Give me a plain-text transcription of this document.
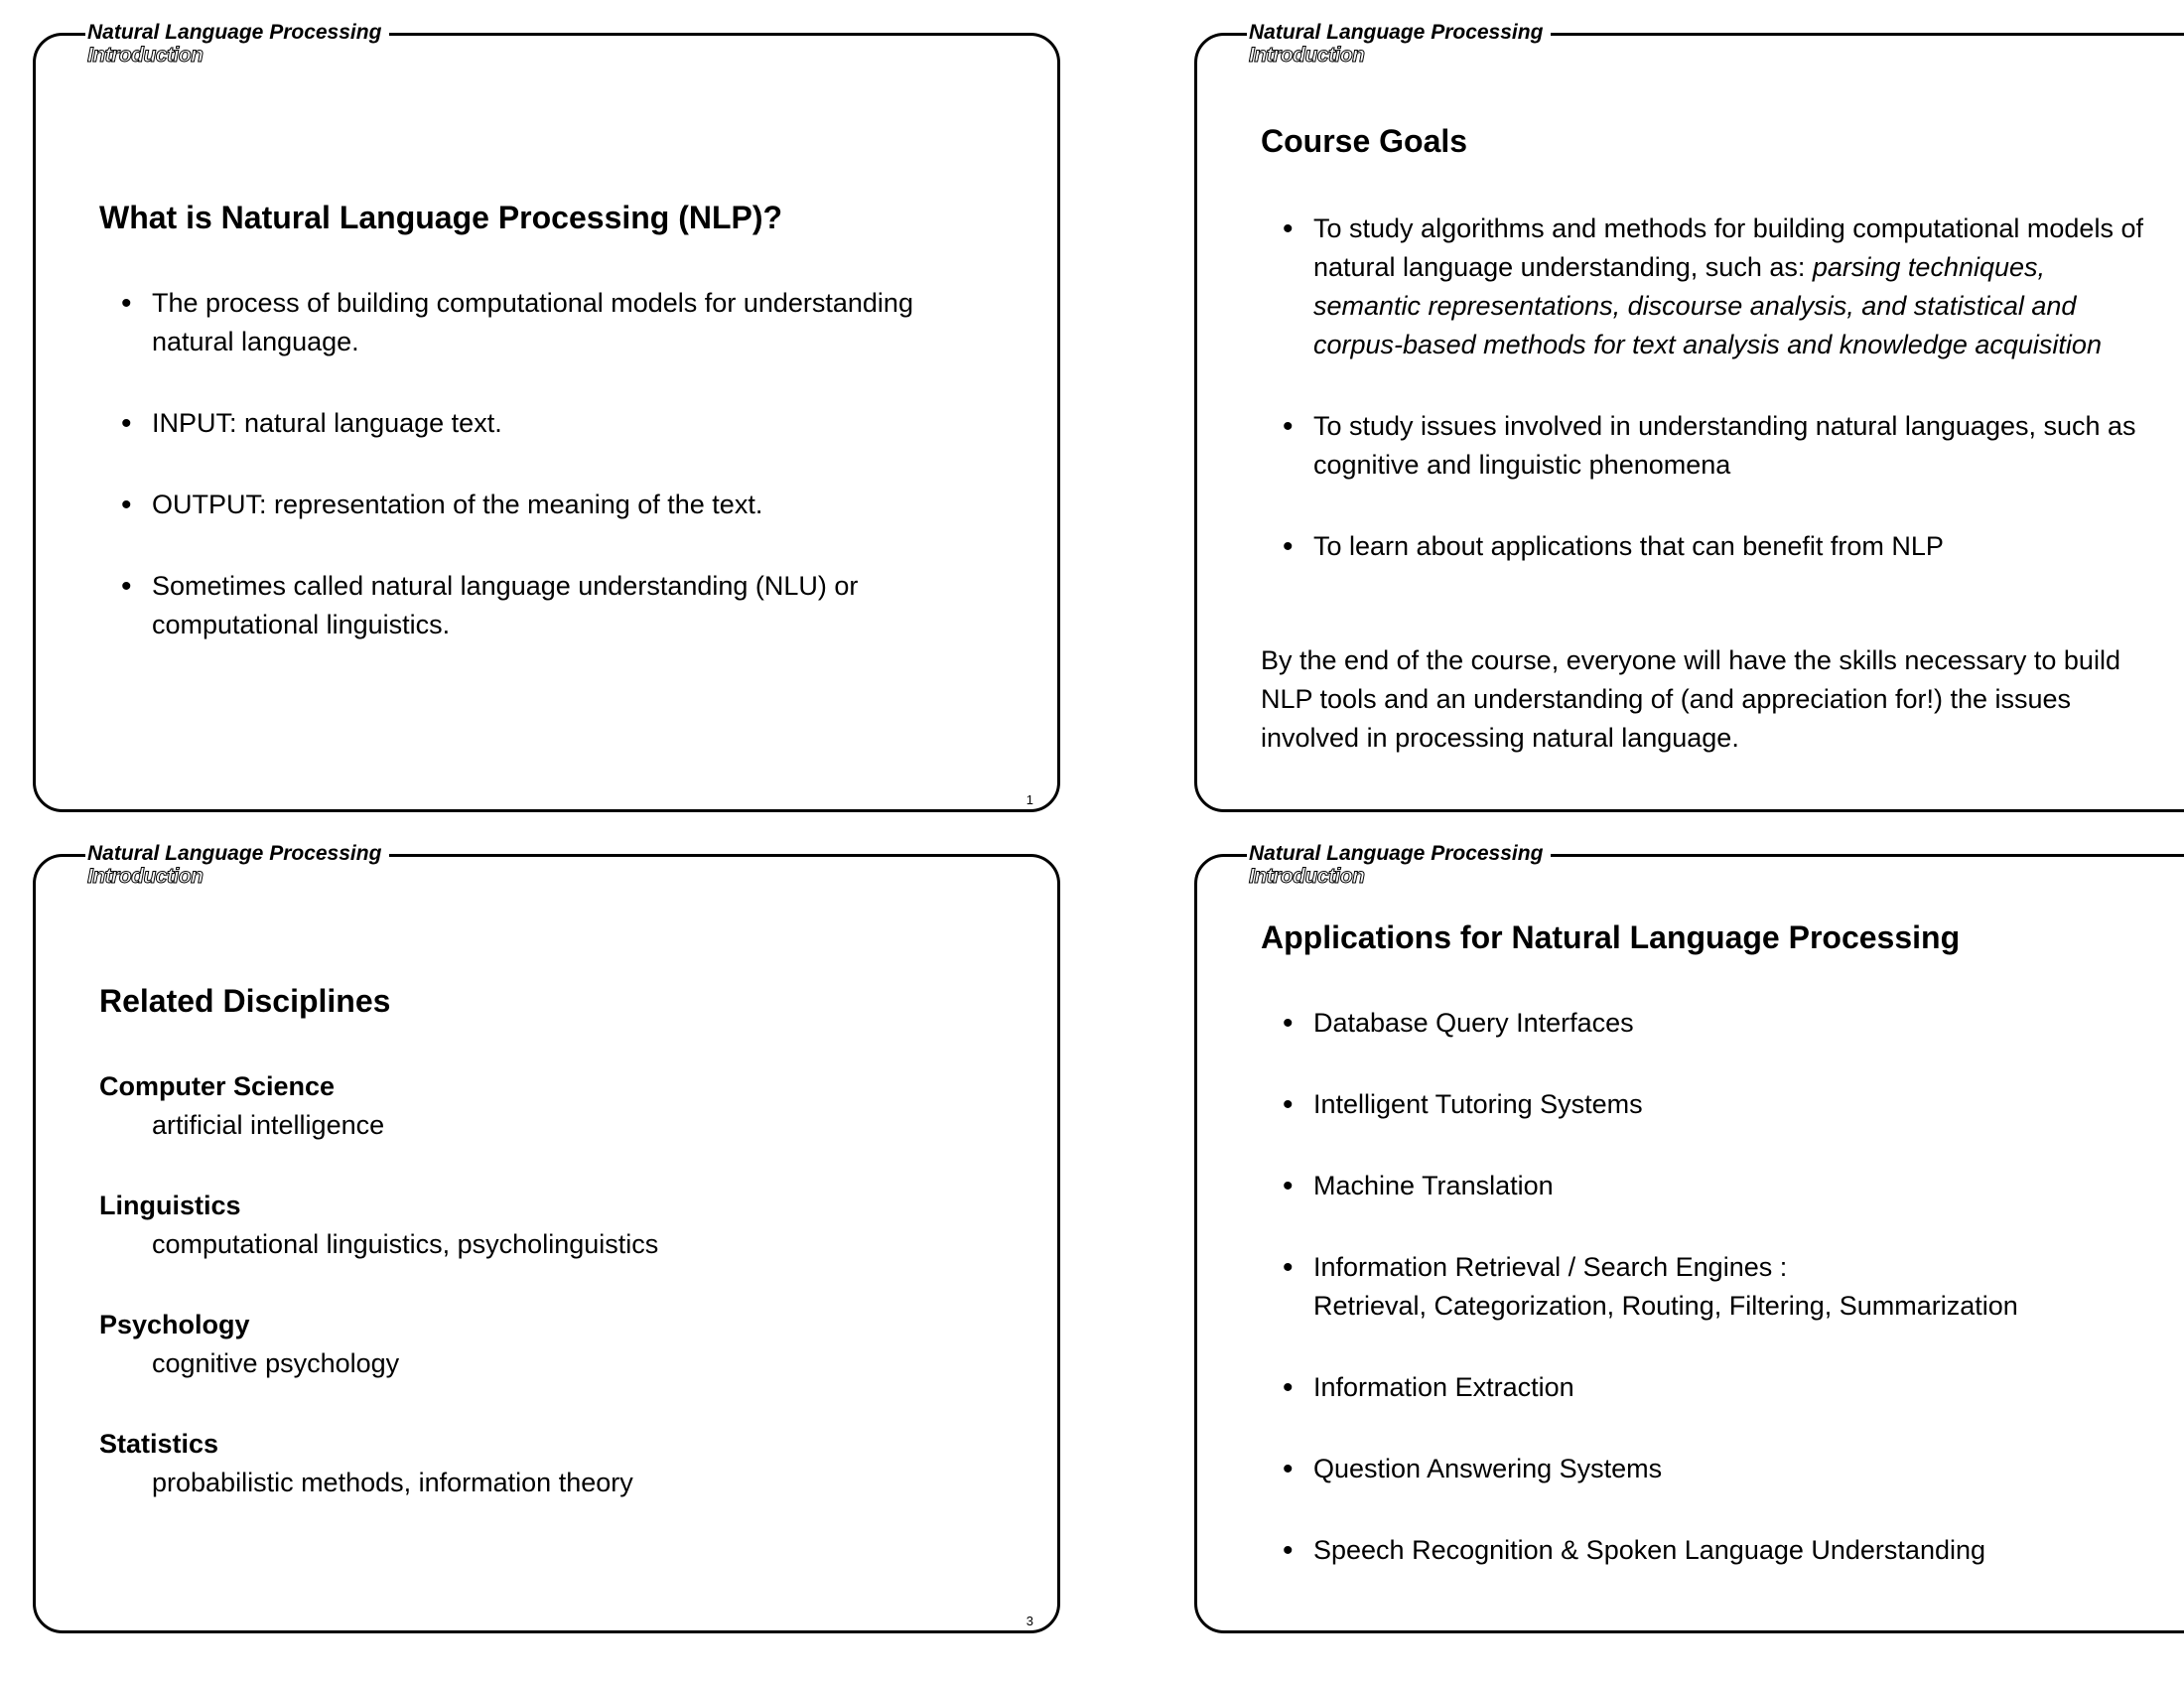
Natural Language Processing
Introduction
What is Natural Language Processing (NLP)?
• The process of building computational models for understanding natural language.
• INPUT: natural language text.
• OUTPUT: representation of the meaning of the text.
• Sometimes called natural language understanding (NLU) or computational linguistics.
1
Natural Language Processing
Introduction
Course Goals
• To study algorithms and methods for building computational models of natural language understanding, such as: parsing techniques, semantic representations, discourse analysis, and statistical and corpus-based methods for text analysis and knowledge acquisition
• To study issues involved in understanding natural languages, such as cognitive and linguistic phenomena
• To learn about applications that can benefit from NLP

By the end of the course, everyone will have the skills necessary to build NLP tools and an understanding of (and appreciation for!) the issues involved in processing natural language.

Natural Language Processing
Introduction
Related Disciplines
Computer Science
artificial intelligence
Linguistics
computational linguistics, psycholinguistics
Psychology
cognitive psychology
Statistics
probabilistic methods, information theory
3
Natural Language Processing
Introduction
Applications for Natural Language Processing
• Database Query Interfaces
• Intelligent Tutoring Systems
• Machine Translation
• Information Retrieval / Search Engines :
Retrieval, Categorization, Routing, Filtering, Summarization
• Information Extraction
• Question Answering Systems
• Speech Recognition & Spoken Language Understanding
